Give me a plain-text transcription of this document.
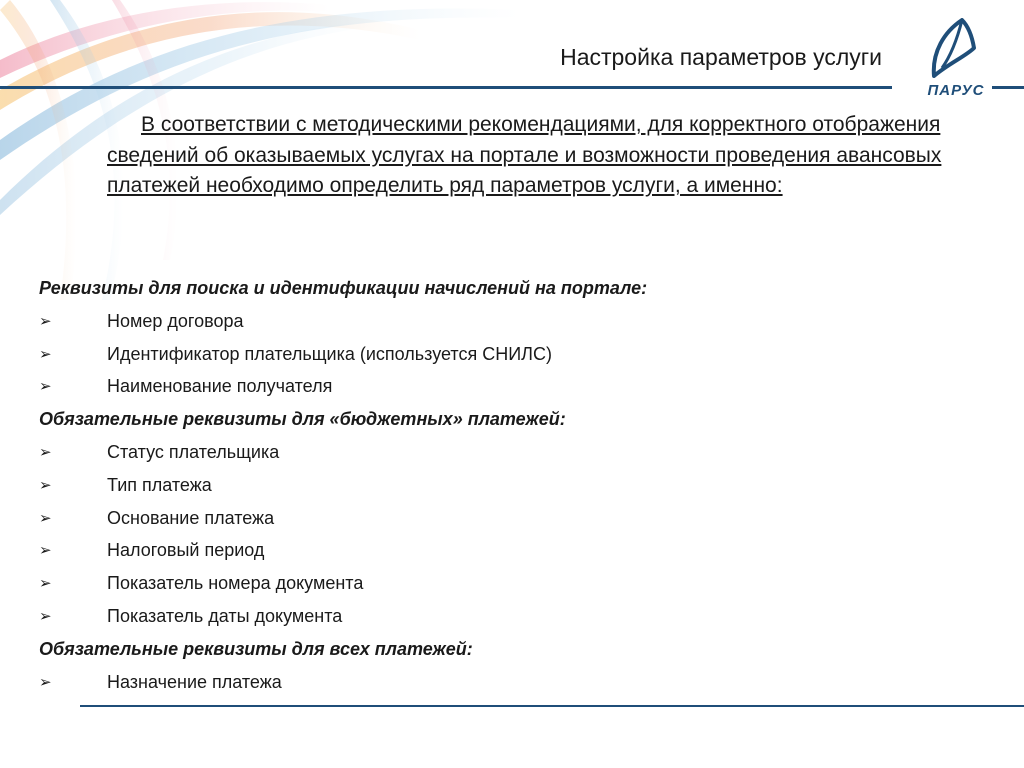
Настройка параметров услуги
ПАРУС

В соответствии с методическими рекомендациями, для корректного отображения сведений об оказываемых услугах на портале и возможности проведения авансовых платежей необходимо определить ряд параметров услуги, а именно:

Реквизиты для поиска и идентификации начислений на портале:
➢	Номер договора
➢	Идентификатор плательщика (используется СНИЛС)
➢	Наименование получателя
Обязательные реквизиты для «бюджетных» платежей:
➢	Статус плательщика
➢	Тип платежа
➢	Основание платежа
➢	Налоговый период
➢	Показатель номера документа
➢	Показатель даты документа
Обязательные реквизиты для всех платежей:
➢	Назначение платежа
